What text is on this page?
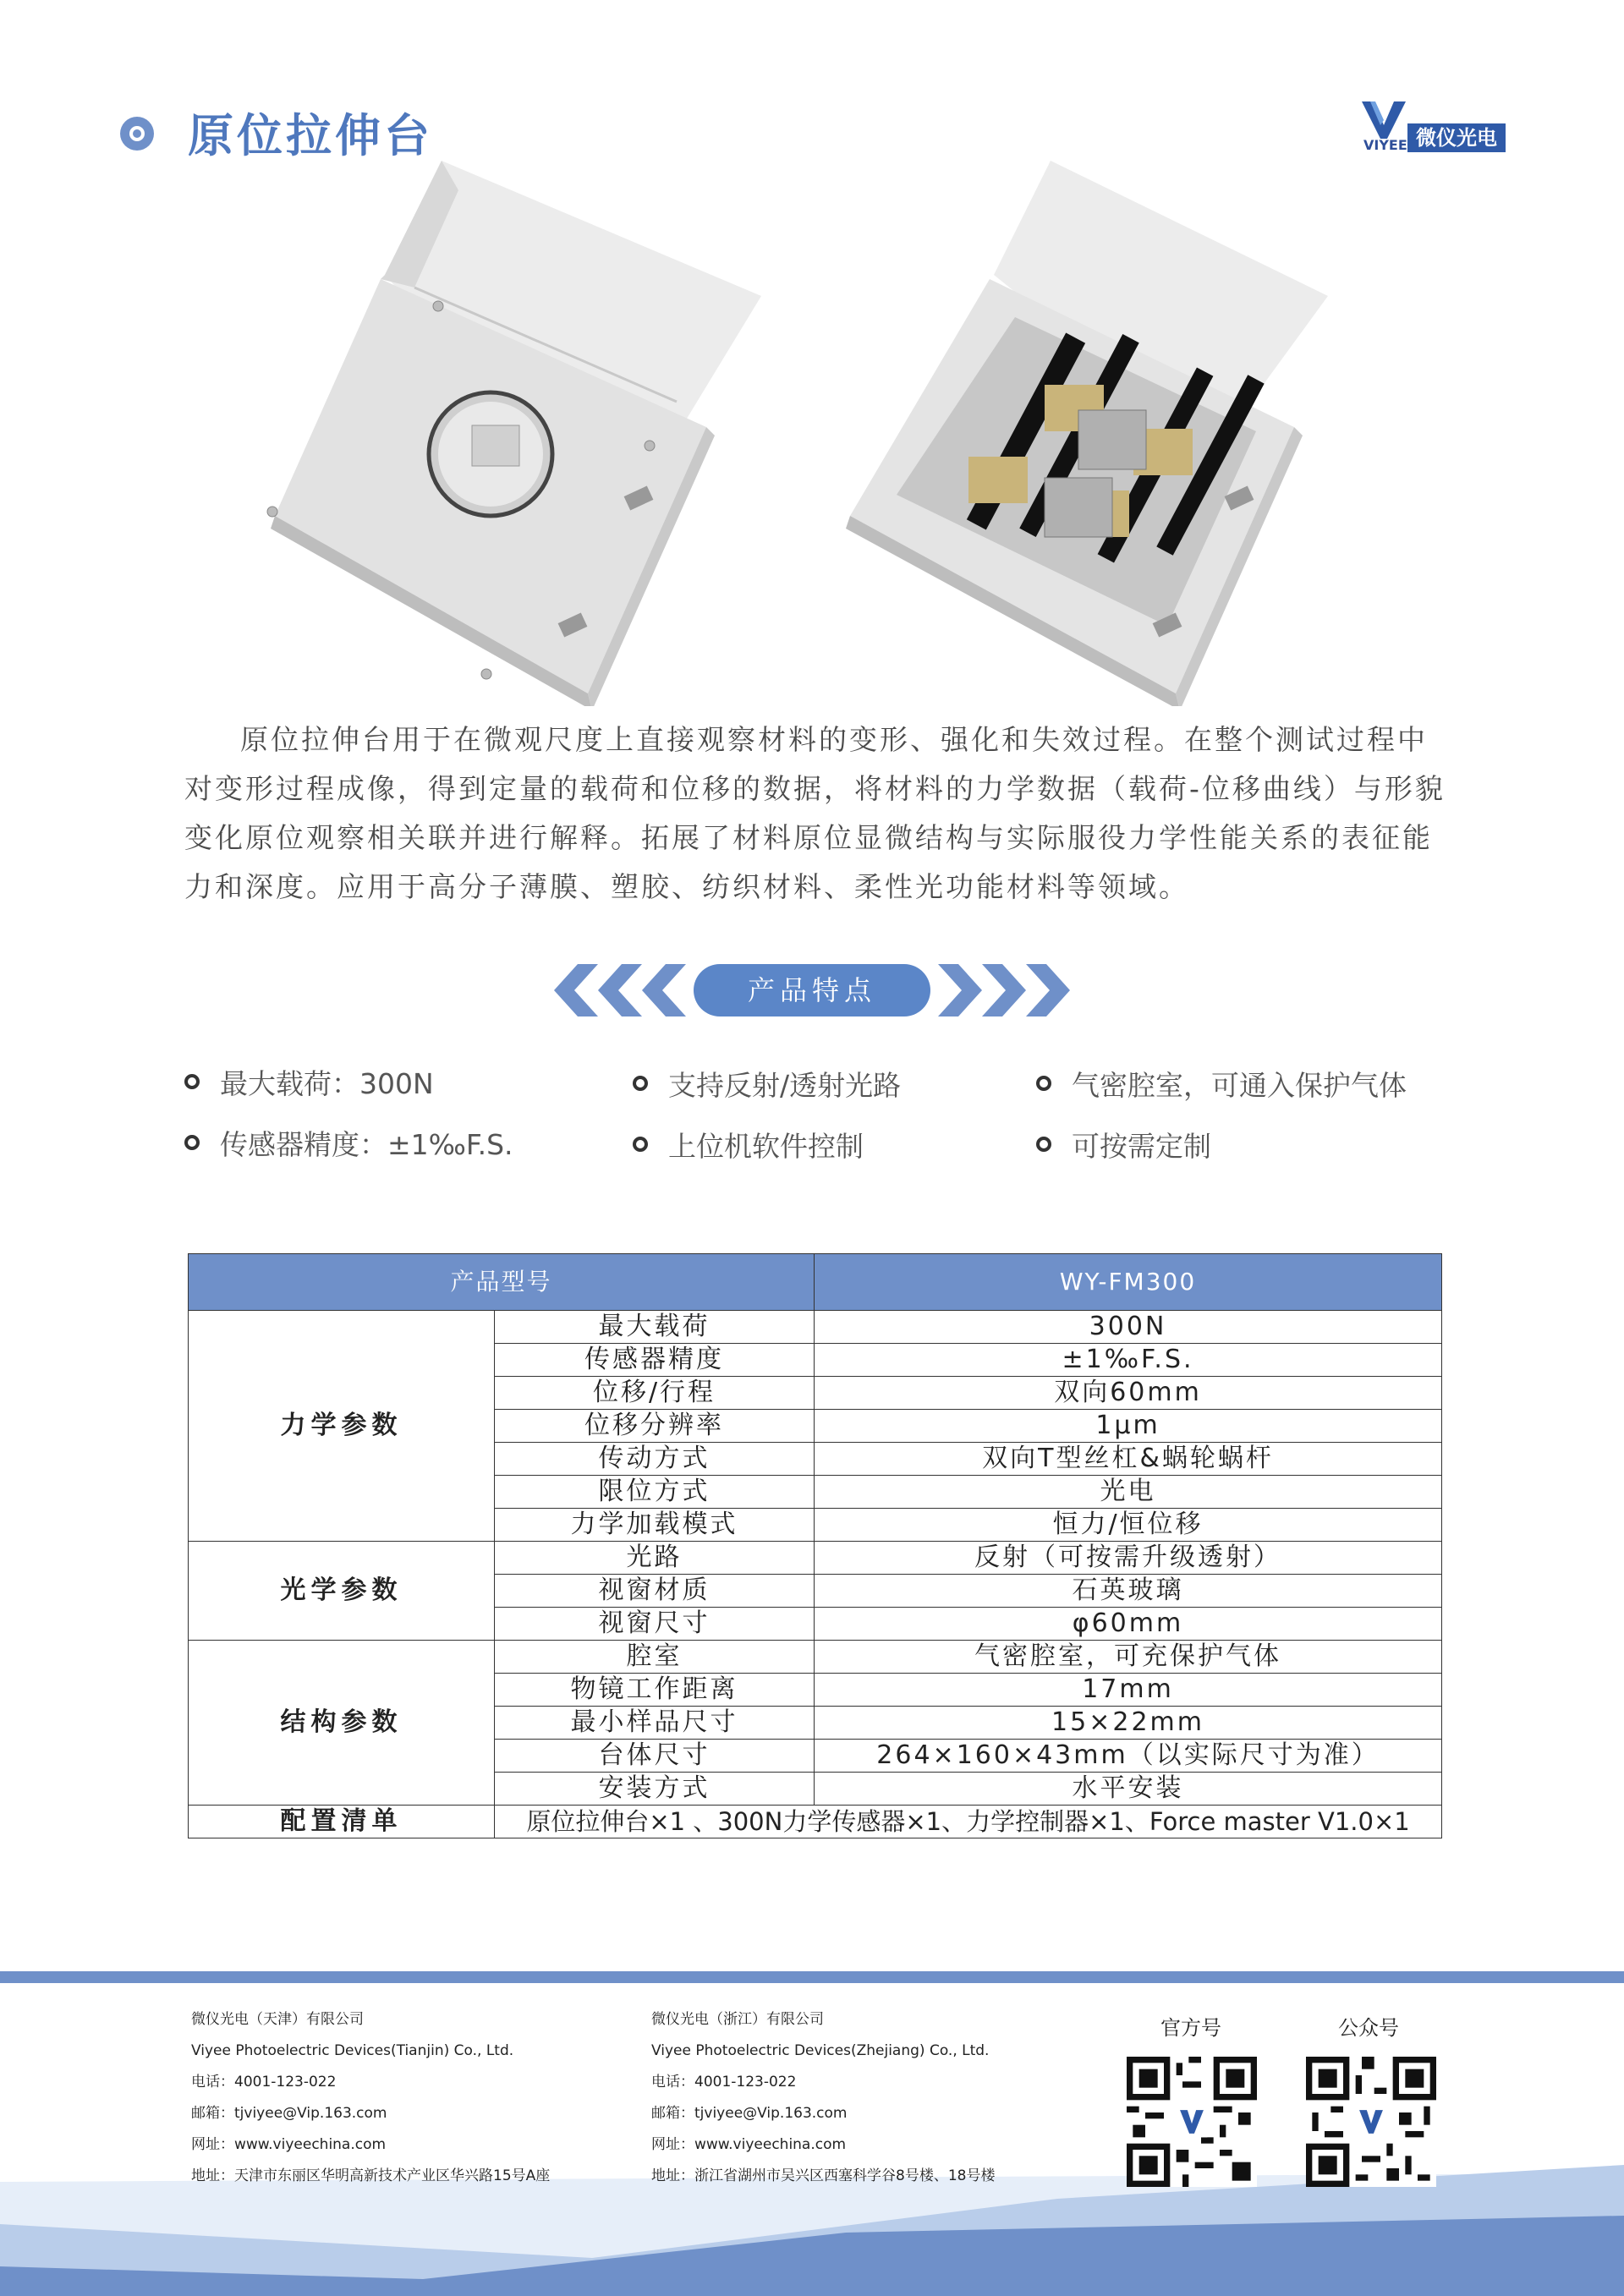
原位拉伸台	VIYEE 微仪光电
原位拉伸台用于在微观尺度上直接观察材料的变形、强化和失效过程。在整个测试过程中对变形过程成像，得到定量的载荷和位移的数据，将材料的力学数据（载荷-位移曲线）与形貌变化原位观察相关联并进行解释。拓展了材料原位显微结构与实际服役力学性能关系的表征能力和深度。应用于高分子薄膜、塑胶、纺织材料、柔性光功能材料等领域。
产品特点
最大载荷：300N	支持反射/透射光路	气密腔室，可通入保护气体
传感器精度：±1‰F.S.	上位机软件控制	可按需定制
产品型号		WY-FM300
力学参数	最大载荷	300N
	传感器精度	±1‰F.S.
	位移/行程	双向60mm
	位移分辨率	1μm
	传动方式	双向T型丝杠&蜗轮蜗杆
	限位方式	光电
	力学加载模式	恒力/恒位移
光学参数	光路	反射（可按需升级透射）
	视窗材质	石英玻璃
	视窗尺寸	φ60mm
结构参数	腔室	气密腔室，可充保护气体
	物镜工作距离	17mm
	最小样品尺寸	15×22mm
	台体尺寸	264×160×43mm（以实际尺寸为准）
	安装方式	水平安装
配置清单	原位拉伸台×1 、300N力学传感器×1、力学控制器×1、Force master V1.0×1	
微仪光电（天津）有限公司
Viyee Photoelectric Devices(Tianjin) Co., Ltd.
电话：4001-123-022
邮箱：tjviyee@Vip.163.com
网址：www.viyeechina.com
地址：天津市东丽区华明高新技术产业区华兴路15号A座
微仪光电（浙江）有限公司
Viyee Photoelectric Devices(Zhejiang) Co., Ltd.
电话：4001-123-022
邮箱：tjviyee@Vip.163.com
网址：www.viyeechina.com
地址：浙江省湖州市吴兴区西塞科学谷8号楼、18号楼
官方号	公众号
